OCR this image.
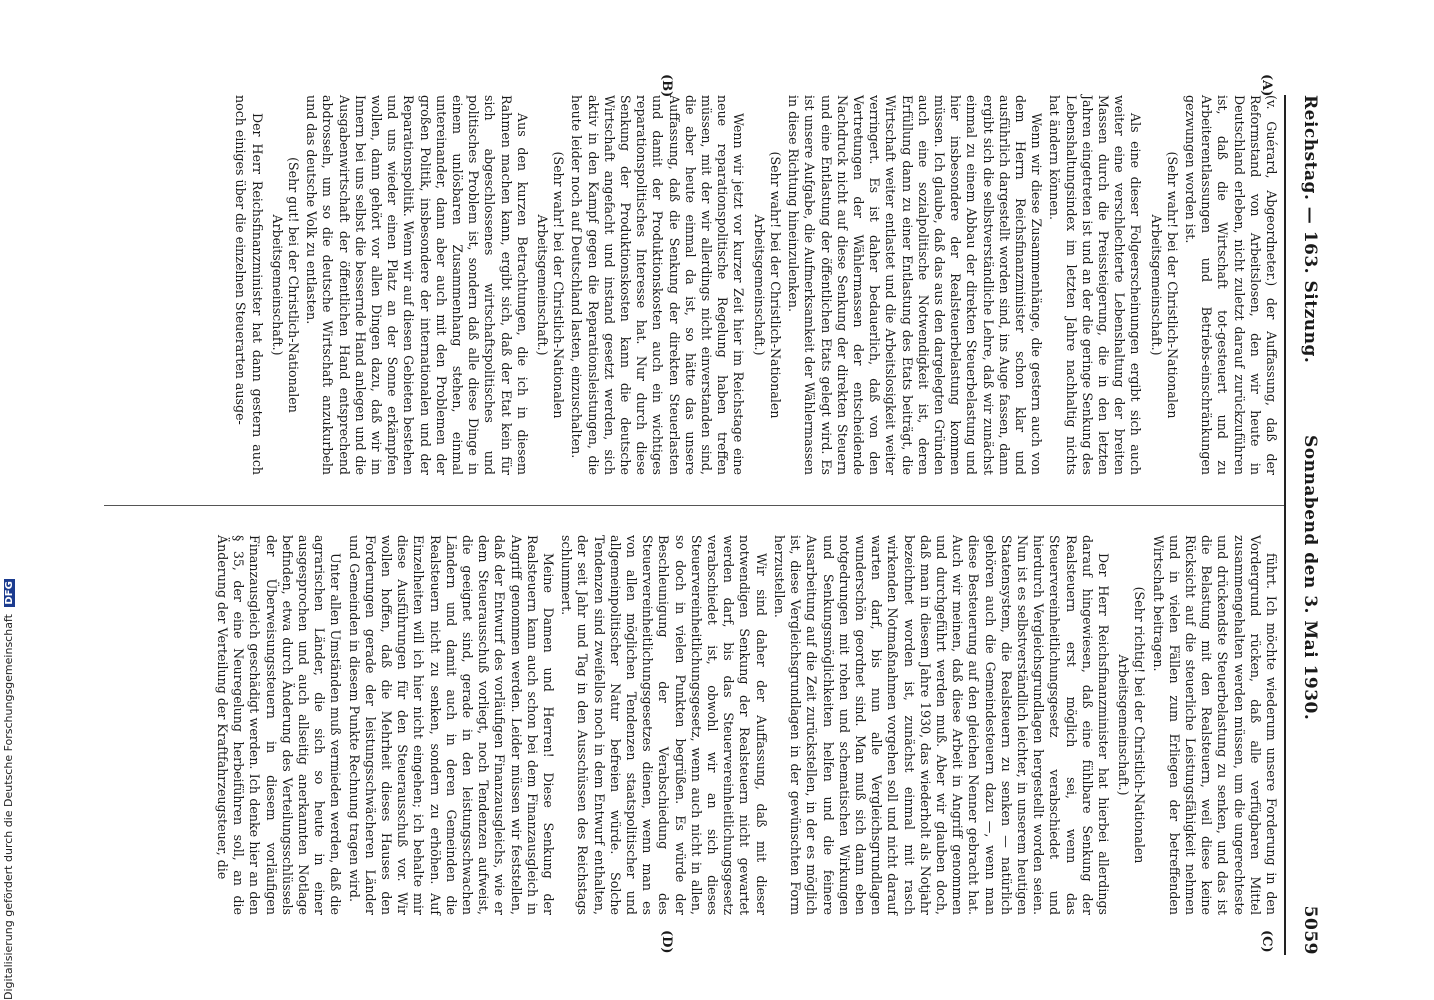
Reichstag. — 163. Sitzung.
Sonnabend den 3. Mai 1930.
5059
(A)
(B)
(C)
(D)

(v. Guérard, Abgeordneter.) der Auffassung, daß der Reformstand von Arbeitslosen, den wir heute in Deutschland erleben, nicht zuletzt darauf zurückzuführen ist, daß die Wirtschaft tot-gesteuert und zu Arbeiterentlassungen und Betriebs-einschränkungen gezwungen worden ist.

(Sehr wahr! bei der Christlich-Nationalen Arbeitsgemeinschaft.)

Als eine dieser Folgeerscheinungen ergibt sich auch weiter eine verschlechterte Lebenshaltung der breiten Massen durch die Preissteigerung, die in den letzten Jahren eingetreten ist und an der die geringe Senkung des Lebenshaltungsindex im letzten Jahre nachhaltig nichts hat ändern können.

Wenn wir diese Zusammenhänge, die gestern auch von dem Herrn Reichsfinanzminister schon klar und ausführlich dargestellt worden sind, ins Auge fassen, dann ergibt sich die selbstverständliche Lehre, daß wir zunächst einmal zu einem Abbau der direkten Steuerbelastung und hier insbesondere der Realsteuerbelastung kommen müssen. Ich glaube, daß das aus den dargelegten Gründen auch eine sozialpolitische Notwendigkeit ist, deren Erfüllung dann zu einer Entlastung des Etats beiträgt, die Wirtschaft weiter entlastet und die Arbeitslosigkeit weiter verringert. Es ist daher bedauerlich, daß von den Vertretungen der Wählermassen der entscheidende Nachdruck nicht auf diese Senkung der direkten Steuern und eine Entlastung der öffentlichen Etats gelegt wird. Es ist unsere Aufgabe, die Aufmerksamkeit der Wählermassen in diese Richtung hineinzulenken.

(Sehr wahr! bei der Christlich-Nationalen Arbeitsgemeinschaft.)

Wenn wir jetzt vor kurzer Zeit hier im Reichstage eine neue reparationspolitische Regelung haben treffen müssen, mit der wir allerdings nicht einverstanden sind, die aber heute einmal da ist, so hätte das unsere Auffassung, daß die Senkung der direkten Steuerlasten und damit der Produktionskosten auch ein wichtiges reparationspolitisches Interesse hat. Nur durch diese Senkung der Produktionskosten kann die deutsche Wirtschaft angefacht und instand gesetzt werden, sich aktiv in den Kampf gegen die Reparationsleistungen, die heute leider noch auf Deutschland lasten, einzuschalten.

(Sehr wahr! bei der Christlich-Nationalen Arbeitsgemeinschaft.)

Aus den kurzen Betrachtungen, die ich in diesem Rahmen machen kann, ergibt sich, daß der Etat kein für sich abgeschlossenes wirtschaftspolitisches und politisches Problem ist, sondern daß alle diese Dinge in einem unlösbaren Zusammenhang stehen, einmal untereinander, dann aber auch mit den Problemen der großen Politik, insbesondere der internationalen und der Reparationspolitik. Wenn wir auf diesen Gebieten bestehen und uns wieder einen Platz an der Sonne erkämpfen wollen, dann gehört vor allen Dingen dazu, daß wir im Innern bei uns selbst die bessernde Hand anlegen und die Ausgabenwirtschaft der öffentlichen Hand entsprechend abdrosseln, um so die deutsche Wirtschaft anzukurbeln und das deutsche Volk zu entlasten.

(Sehr gut! bei der Christlich-Nationalen Arbeitsgemeinschaft.)

Der Herr Reichsfinanzminister hat dann gestern auch noch einiges über die einzelnen Steuerarten ausge-

führt. Ich möchte wiederum unsere Forderung in den Vordergrund rücken, daß alle verfügbaren Mittel zusammengehalten werden müssen, um die ungerechteste und drückendste Steuerbelastung zu senken, und das ist die Belastung mit den Realsteuern, weil diese keine Rücksicht auf die steuerliche Leistungsfähigkeit nehmen und in vielen Fällen zum Erliegen der betreffenden Wirtschaft beitragen.

(Sehr richtig! bei der Christlich-Nationalen Arbeitsgemeinschaft.)

Der Herr Reichsfinanzminister hat hierbei allerdings darauf hingewiesen, daß eine fühlbare Senkung der Realsteuern erst möglich sei, wenn das Steuervereinheitlichungsgesetz verabschiedet und hierdurch Vergleichsgrundlagen hergestellt worden seien. Nun ist es selbstverständlich leichter, in unserem heutigen Staatensystem, die Realsteuern zu senken — natürlich gehören auch die Gemeindesteuern dazu —, wenn man diese Besteuerung auf den gleichen Nenner gebracht hat. Auch wir meinen, daß diese Arbeit in Angriff genommen und durchgeführt werden muß. Aber wir glauben doch, daß man in diesem Jahre 1930, das wiederholt als Notjahr bezeichnet worden ist, zunächst einmal mit rasch wirkenden Notmaßnahmen vorgehen soll und nicht darauf warten darf, bis nun alle Vergleichsgrundlagen wunderschön geordnet sind. Man muß sich dann eben notgedrungen mit rohen und schematischen Wirkungen und Senkungsmöglichkeiten helfen und die feinere Ausarbeitung auf die Zeit zurückstellen, in der es möglich ist, diese Vergleichsgrundlagen in der gewünschten Form herzustellen.

Wir sind daher der Auffassung, daß mit dieser notwendigen Senkung der Realsteuern nicht gewartet werden darf, bis das Steuervereinheitlichungsgesetz verabschiedet ist, obwohl wir an sich dieses Steuervereinheitlichungsgesetz, wenn auch nicht in allen, so doch in vielen Punkten begrüßen. Es würde der Beschleunigung der Verabschiedung des Steuervereinheitlichungsgesetzes dienen, wenn man es von allen möglichen Tendenzen staatspolitischer und allgemeinpolitischer Natur befreien würde. Solche Tendenzen sind zweifellos noch in dem Entwurf enthalten, der seit Jahr und Tag in den Ausschüssen des Reichstags schlummert.

Meine Damen und Herren! Diese Senkung der Realsteuern kann auch schon bei dem Finanzausgleich in Angriff genommen werden. Leider müssen wir feststellen, daß der Entwurf des vorläufigen Finanzausgleichs, wie er dem Steuerausschuß vorliegt, noch Tendenzen aufweist, die geeignet sind, gerade in den leistungsschwachen Ländern und damit auch in deren Gemeinden die Realsteuern nicht zu senken, sondern zu erhöhen. Auf Einzelheiten will ich hier nicht eingehen; ich behalte mir diese Ausführungen für den Steuerausschuß vor. Wir wollen hoffen, daß die Mehrheit dieses Hauses den Forderungen gerade der leistungsschwächeren Länder und Gemeinden in diesem Punkte Rechnung tragen wird.

Unter allen Umständen muß vermieden werden, daß die agrarischen Länder, die sich so heute in einer ausgesprochen und auch allseitig anerkannten Notlage befinden, etwa durch Änderung des Verteilungsschlüssels der Überweisungssteuern in diesem vorläufigen Finanzausgleich geschädigt werden. Ich denke hier an den § 35, der eine Neuregelung herbeiführen soll, an die Änderung der Verteilung der Kraftfahrzeugsteuer, die

Digitalisierung gefördert durch die Deutsche Forschungsgemeinschaft DFG
